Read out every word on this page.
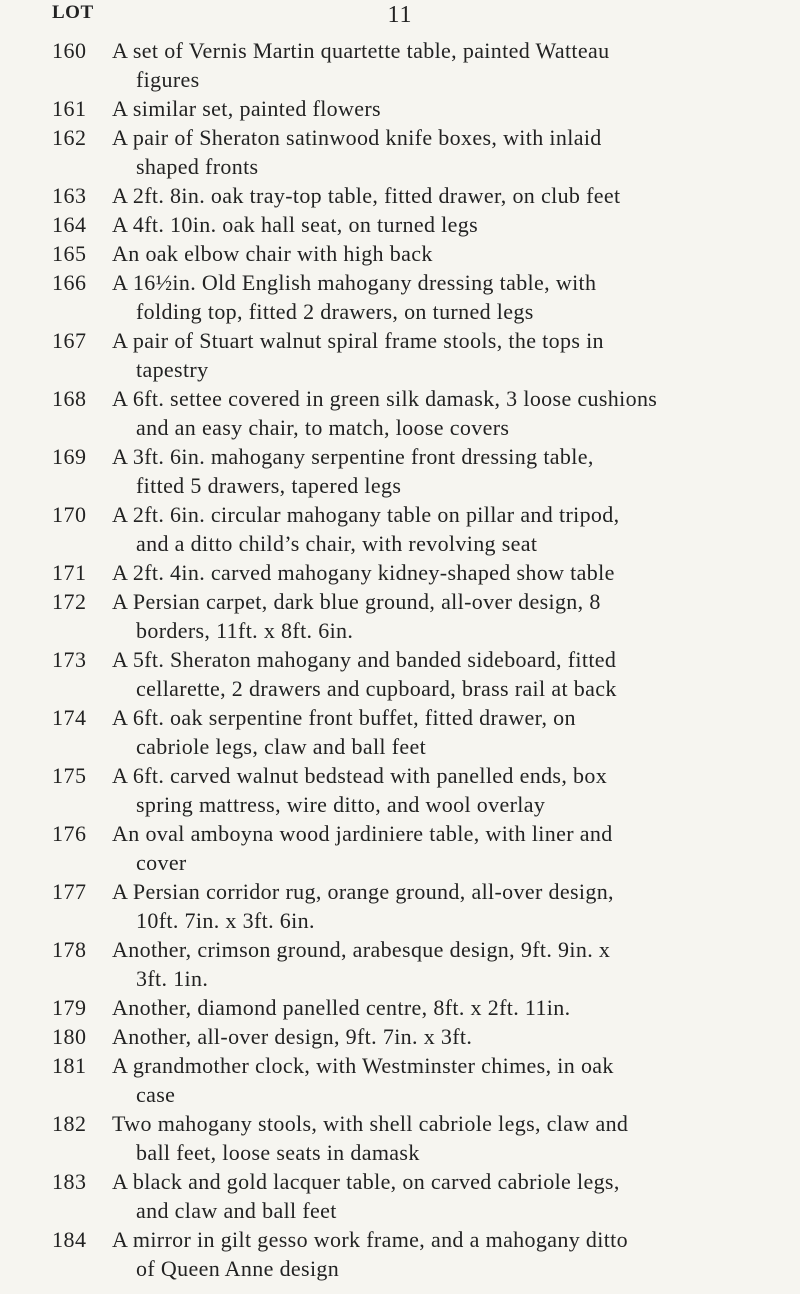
LOT	11
160	A set of Vernis Martin quartette table, painted Watteau
figures
161	A similar set, painted flowers
162	A pair of Sheraton satinwood knife boxes, with inlaid
shaped fronts
163	A 2ft. 8in. oak tray-top table, fitted drawer, on club feet
164	A 4ft. 10in. oak hall seat, on turned legs
165	An oak elbow chair with high back
166	A 16½in. Old English mahogany dressing table, with
folding top, fitted 2 drawers, on turned legs
167	A pair of Stuart walnut spiral frame stools, the tops in
tapestry
168	A 6ft. settee covered in green silk damask, 3 loose cushions
and an easy chair, to match, loose covers
169	A 3ft. 6in. mahogany serpentine front dressing table,
fitted 5 drawers, tapered legs
170	A 2ft. 6in. circular mahogany table on pillar and tripod,
and a ditto child’s chair, with revolving seat
171	A 2ft. 4in. carved mahogany kidney-shaped show table
172	A Persian carpet, dark blue ground, all-over design, 8
borders, 11ft. x 8ft. 6in.
173	A 5ft. Sheraton mahogany and banded sideboard, fitted
cellarette, 2 drawers and cupboard, brass rail at back
174	A 6ft. oak serpentine front buffet, fitted drawer, on
cabriole legs, claw and ball feet
175	A 6ft. carved walnut bedstead with panelled ends, box
spring mattress, wire ditto, and wool overlay
176	An oval amboyna wood jardiniere table, with liner and
cover
177	A Persian corridor rug, orange ground, all-over design,
10ft. 7in. x 3ft. 6in.
178	Another, crimson ground, arabesque design, 9ft. 9in. x
3ft. 1in.
179	Another, diamond panelled centre, 8ft. x 2ft. 11in.
180	Another, all-over design, 9ft. 7in. x 3ft.
181	A grandmother clock, with Westminster chimes, in oak
case
182	Two mahogany stools, with shell cabriole legs, claw and
ball feet, loose seats in damask
183	A black and gold lacquer table, on carved cabriole legs,
and claw and ball feet
184	A mirror in gilt gesso work frame, and a mahogany ditto
of Queen Anne design
